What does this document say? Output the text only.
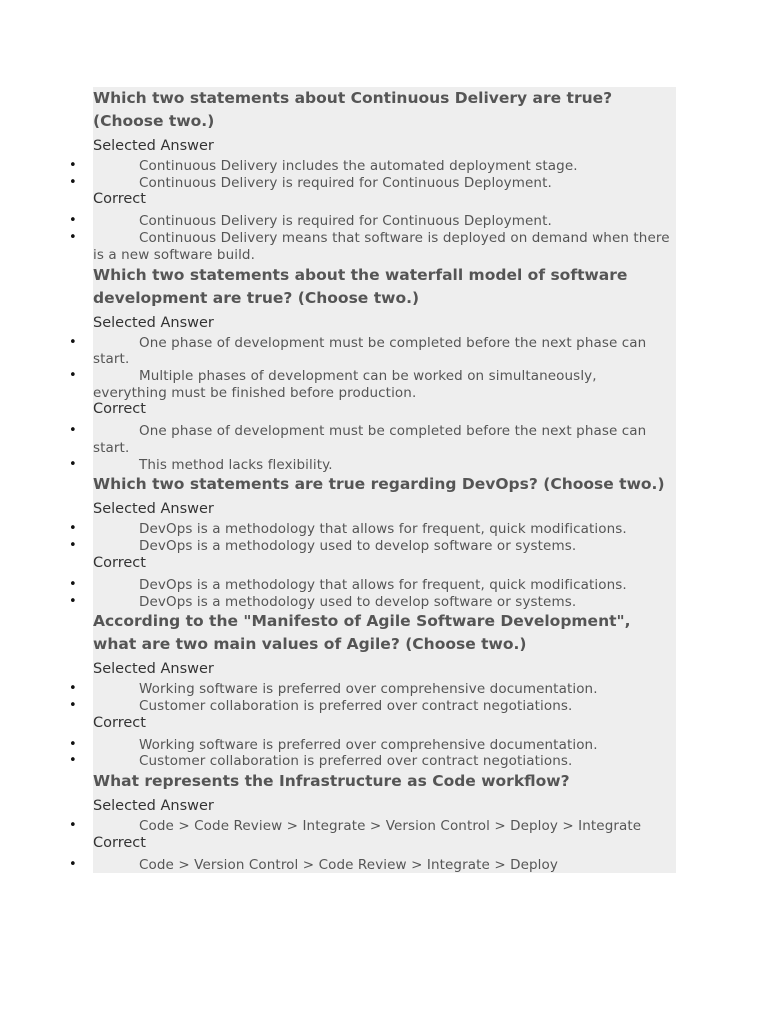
Which two statements about Continuous Delivery are true? (Choose two.)

Selected Answer

•	Continuous Delivery includes the automated deployment stage.
•	Continuous Delivery is required for Continuous Deployment.

Correct

•	Continuous Delivery is required for Continuous Deployment.
•	Continuous Delivery means that software is deployed on demand when there is a new software build.

Which two statements about the waterfall model of software development are true? (Choose two.)

Selected Answer

•	One phase of development must be completed before the next phase can start.
•	Multiple phases of development can be worked on simultaneously, everything must be finished before production.

Correct

•	One phase of development must be completed before the next phase can start.
•	This method lacks flexibility.

Which two statements are true regarding DevOps? (Choose two.)

Selected Answer

•	DevOps is a methodology that allows for frequent, quick modifications.
•	DevOps is a methodology used to develop software or systems.

Correct

•	DevOps is a methodology that allows for frequent, quick modifications.
•	DevOps is a methodology used to develop software or systems.

According to the "Manifesto of Agile Software Development", what are two main values of Agile? (Choose two.)

Selected Answer

•	Working software is preferred over comprehensive documentation.
•	Customer collaboration is preferred over contract negotiations.

Correct

•	Working software is preferred over comprehensive documentation.
•	Customer collaboration is preferred over contract negotiations.

What represents the Infrastructure as Code workflow?

Selected Answer

•	Code > Code Review > Integrate > Version Control > Deploy > Integrate

Correct

•	Code > Version Control > Code Review > Integrate > Deploy
